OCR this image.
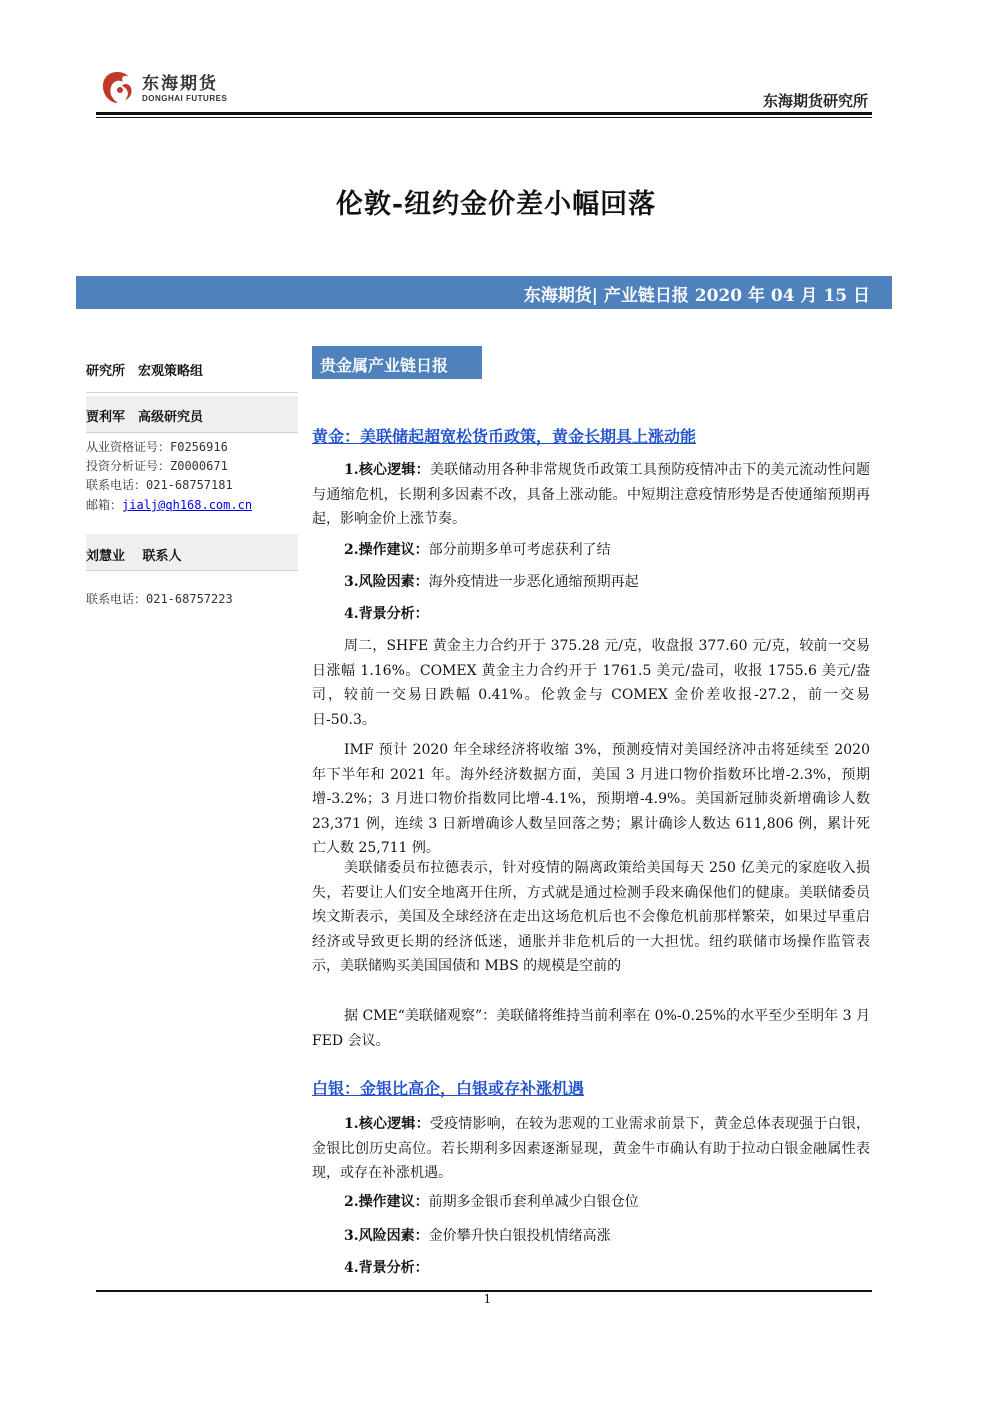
东海期货
DONGHAI FUTURES	东海期货研究所
伦敦-纽约金价差小幅回落
东海期货| 产业链日报 2020 年 04 月 15 日
研究所　宏观策略组
贾利军　高级研究员
从业资格证号：F0256916
投资分析证号：Z0000671
联系电话：021-68757181
邮箱：jialj@qh168.com.cn
刘慧业　 联系人
联系电话：021-68757223
贵金属产业链日报
黄金：美联储起超宽松货币政策，黄金长期具上涨动能
1.核心逻辑：美联储动用各种非常规货币政策工具预防疫情冲击下的美元流动性问题与通缩危机，长期利多因素不改，具备上涨动能。中短期注意疫情形势是否使通缩预期再起，影响金价上涨节奏。
2.操作建议：部分前期多单可考虑获利了结
3.风险因素：海外疫情进一步恶化通缩预期再起
4.背景分析：
周二，SHFE 黄金主力合约开于 375.28 元/克，收盘报 377.60 元/克，较前一交易日涨幅 1.16%。COMEX 黄金主力合约开于 1761.5 美元/盎司，收报 1755.6 美元/盎司，较前一交易日跌幅 0.41%。伦敦金与 COMEX 金价差收报-27.2，前一交易日-50.3。
IMF 预计 2020 年全球经济将收缩 3%，预测疫情对美国经济冲击将延续至 2020 年下半年和 2021 年。海外经济数据方面，美国 3 月进口物价指数环比增-2.3%，预期增-3.2%；3 月进口物价指数同比增-4.1%，预期增-4.9%。美国新冠肺炎新增确诊人数 23,371 例，连续 3 日新增确诊人数呈回落之势；累计确诊人数达 611,806 例，累计死亡人数 25,711 例。
美联储委员布拉德表示，针对疫情的隔离政策给美国每天 250 亿美元的家庭收入损失，若要让人们安全地离开住所，方式就是通过检测手段来确保他们的健康。美联储委员埃文斯表示，美国及全球经济在走出这场危机后也不会像危机前那样繁荣，如果过早重启经济或导致更长期的经济低迷，通胀并非危机后的一大担忧。纽约联储市场操作监管表示，美联储购买美国国债和 MBS 的规模是空前的
据 CME“美联储观察”：美联储将维持当前利率在 0%-0.25%的水平至少至明年 3 月 FED 会议。
白银：金银比高企，白银或存补涨机遇
1.核心逻辑：受疫情影响，在较为悲观的工业需求前景下，黄金总体表现强于白银，金银比创历史高位。若长期利多因素逐渐显现，黄金牛市确认有助于拉动白银金融属性表现，或存在补涨机遇。
2.操作建议：前期多金银币套利单减少白银仓位
3.风险因素：金价攀升快白银投机情绪高涨
4.背景分析：
1
